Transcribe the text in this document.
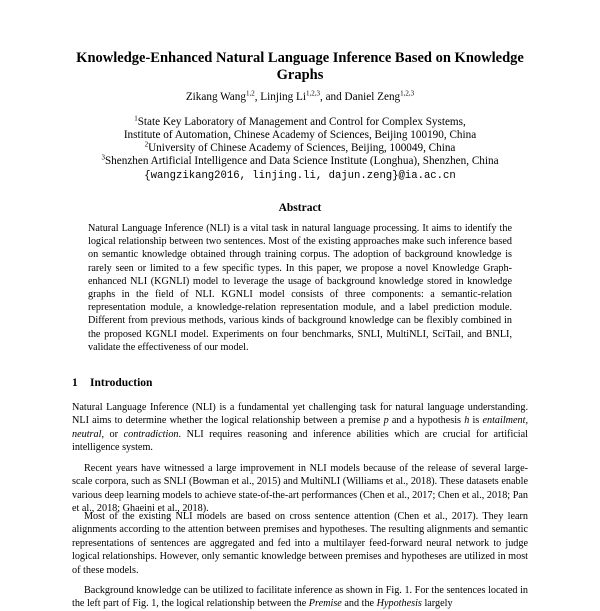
Knowledge-Enhanced Natural Language Inference Based on Knowledge Graphs
Zikang Wang$^{1,2}$, Linjing Li$^{1,2,3}$, and Daniel Zeng$^{1,2,3}$
$^1$State Key Laboratory of Management and Control for Complex Systems,
Institute of Automation, Chinese Academy of Sciences, Beijing 100190, China
$^2$University of Chinese Academy of Sciences, Beijing, 100049, China
$^3$Shenzhen Artificial Intelligence and Data Science Institute (Longhua), Shenzhen, China
{wangzikang2016, linjing.li, dajun.zeng}@ia.ac.cn
Abstract

Natural Language Inference (NLI) is a vital task in natural language processing. It aims to identify the logical relationship between two sentences. Most of the existing approaches make such inference based on semantic knowledge obtained through training corpus. The adoption of background knowledge is rarely seen or limited to a few specific types. In this paper, we propose a novel Knowledge Graph-enhanced NLI (KGNLI) model to leverage the usage of background knowledge stored in knowledge graphs in the field of NLI. KGNLI model consists of three components: a semantic-relation representation module, a knowledge-relation representation module, and a label prediction module. Different from previous methods, various kinds of background knowledge can be flexibly combined in the proposed KGNLI model. Experiments on four benchmarks, SNLI, MultiNLI, SciTail, and BNLI, validate the effectiveness of our model.

1 Introduction

Natural Language Inference (NLI) is a fundamental yet challenging task for natural language understanding. NLI aims to determine whether the logical relationship between a premise p and a hypothesis h is entailment, neutral, or contradiction. NLI requires reasoning and inference abilities which are crucial for artificial intelligence system.

Recent years have witnessed a large improvement in NLI models because of the release of several large-scale corpora, such as SNLI (Bowman et al., 2015) and MultiNLI (Williams et al., 2018). These datasets enable various deep learning models to achieve state-of-the-art performances (Chen et al., 2017; Chen et al., 2018; Pan et al., 2018; Ghaeini et al., 2018).

Most of the existing NLI models are based on cross sentence attention (Chen et al., 2017). They learn alignments according to the attention between premises and hypotheses. The resulting alignments and semantic representations of sentences are aggregated and fed into a multilayer feed-forward neural network to judge logical relationships. However, only semantic knowledge between premises and hypotheses are utilized in most of these models.

Background knowledge can be utilized to facilitate inference as shown in Fig. 1. For the sentences located in the left part of Fig. 1, the logical relationship between the Premise and the Hypothesis largely
